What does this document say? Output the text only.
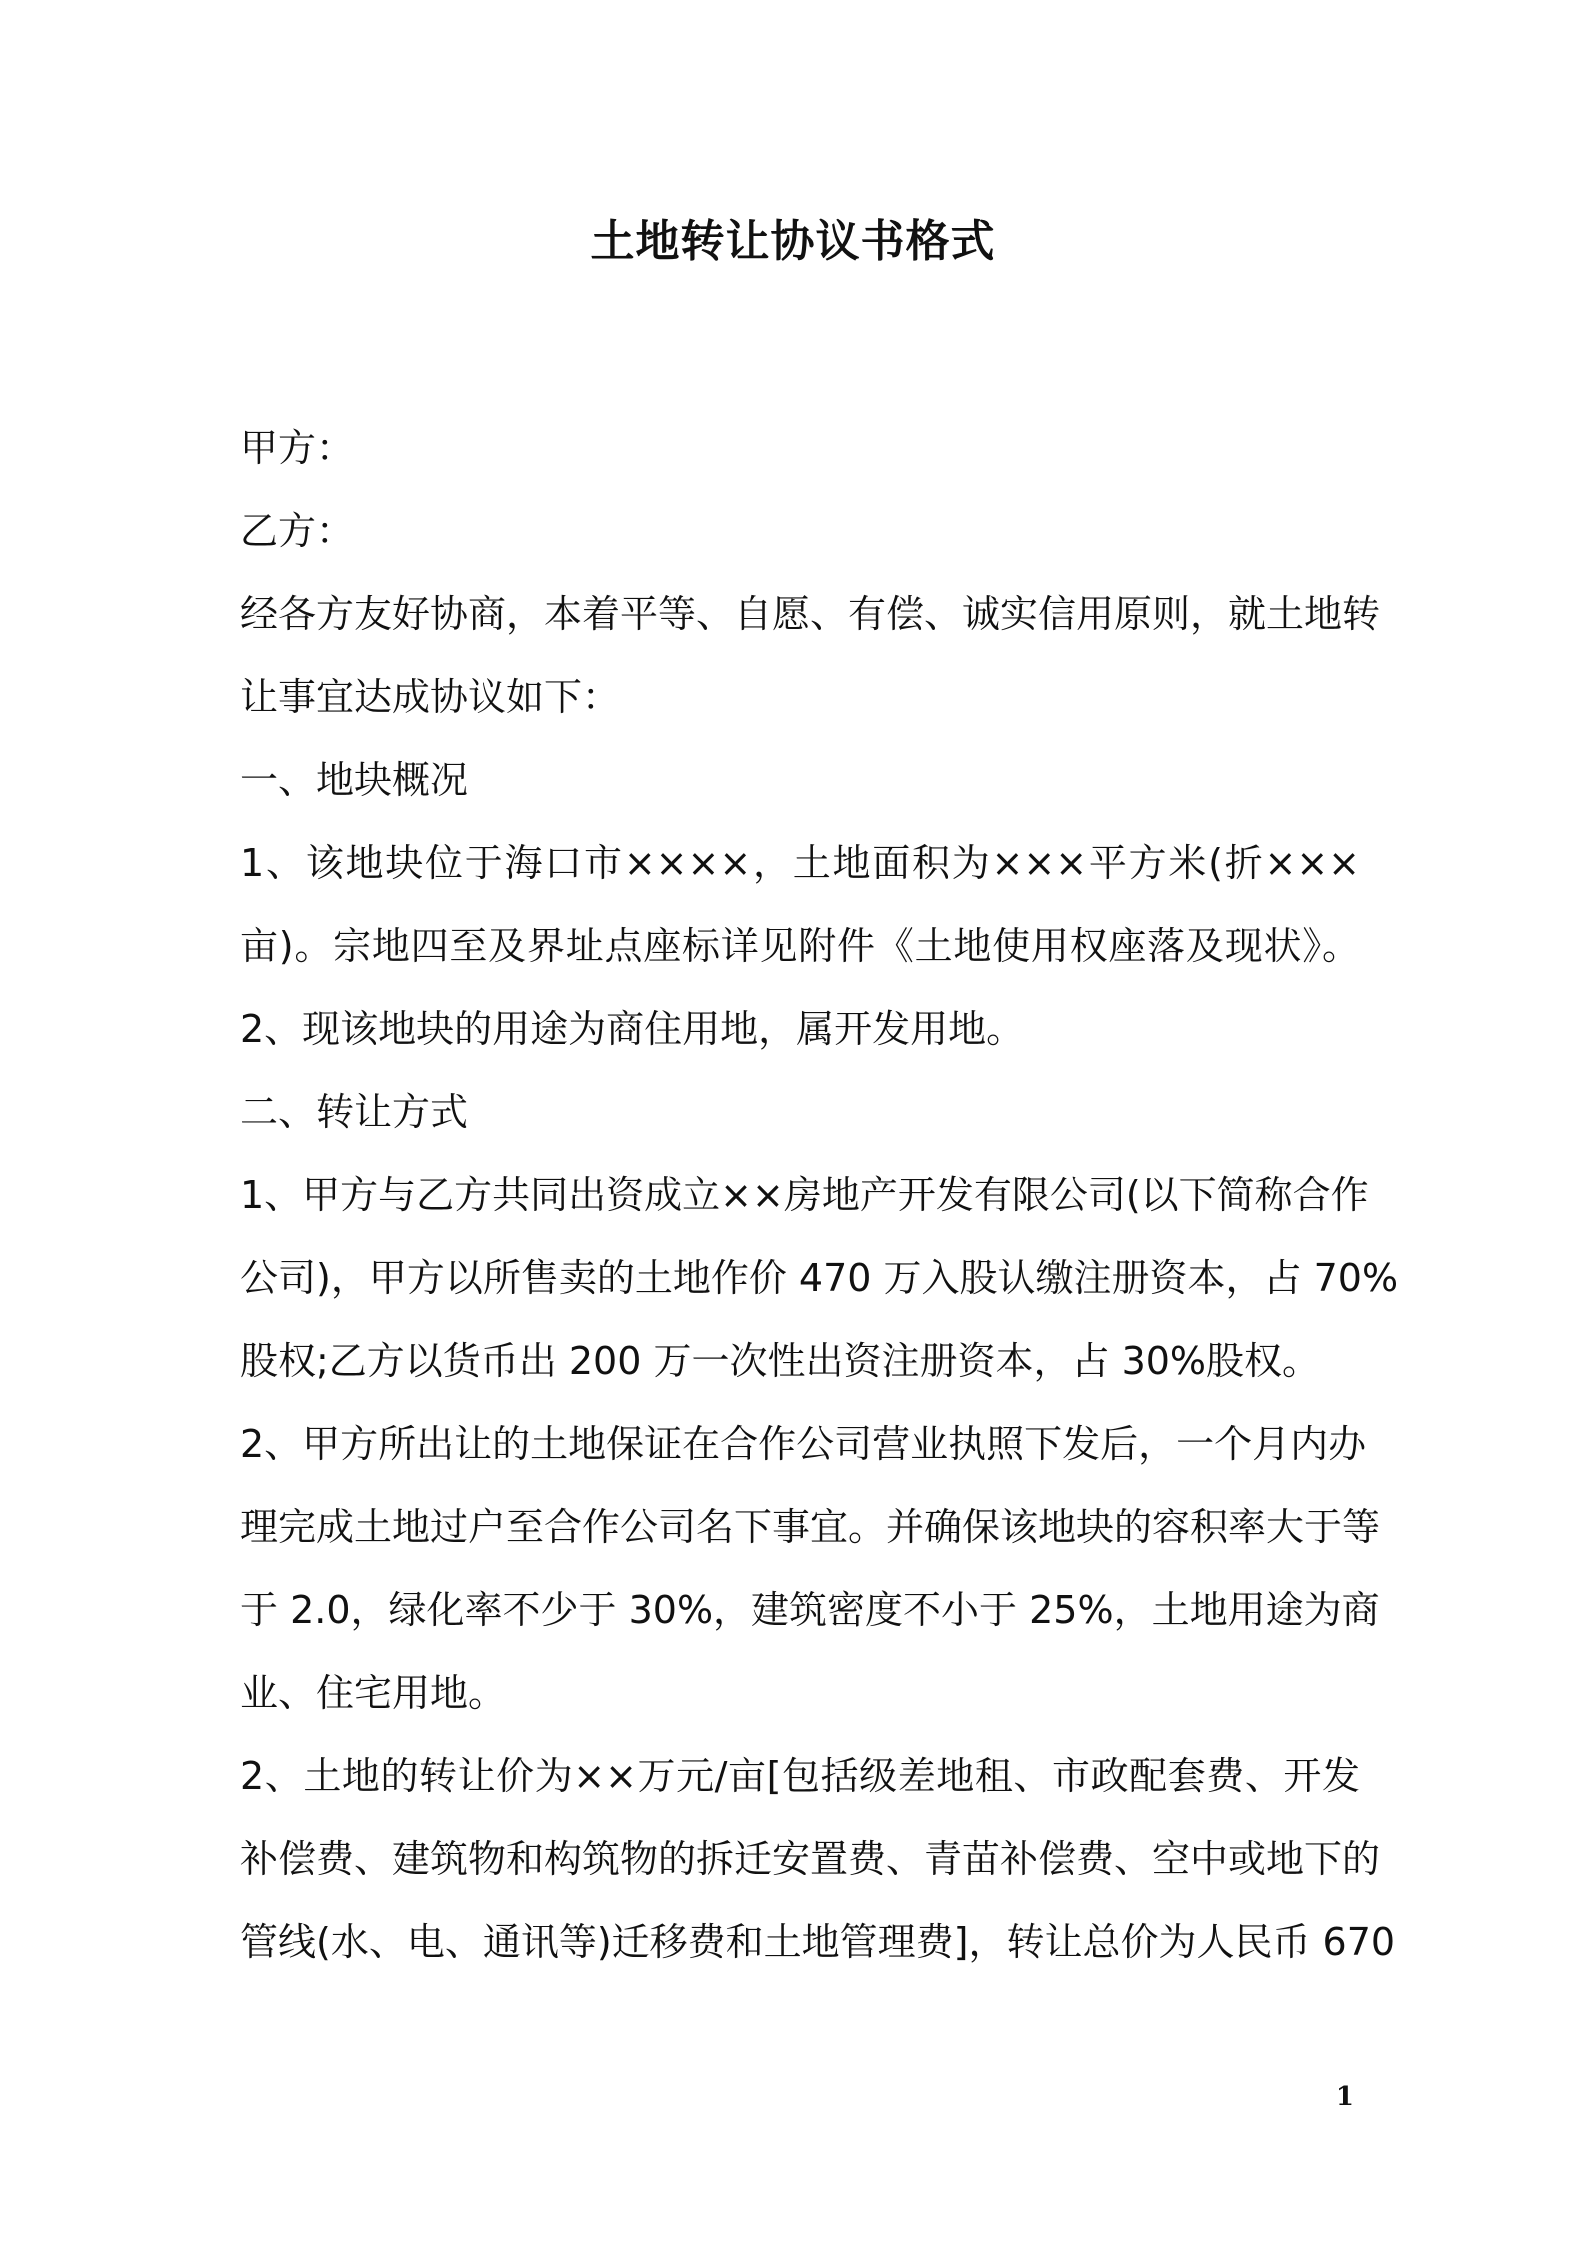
土地转让协议书格式
甲方：
乙方：
经各方友好协商，本着平等、自愿、有偿、诚实信用原则，就土地转
让事宜达成协议如下：
一、地块概况
1、该地块位于海口市××××，土地面积为×××平方米(折×××
亩)。宗地四至及界址点座标详见附件《土地使用权座落及现状》。
2、现该地块的用途为商住用地，属开发用地。
二、转让方式
1、甲方与乙方共同出资成立××房地产开发有限公司(以下简称合作
公司)，甲方以所售卖的土地作价 470 万入股认缴注册资本，占 70%
股权;乙方以货币出 200 万一次性出资注册资本，占 30%股权。
2、甲方所出让的土地保证在合作公司营业执照下发后，一个月内办
理完成土地过户至合作公司名下事宜。并确保该地块的容积率大于等
于 2.0，绿化率不少于 30%，建筑密度不小于 25%，土地用途为商
业、住宅用地。
2、土地的转让价为××万元/亩[包括级差地租、市政配套费、开发
补偿费、建筑物和构筑物的拆迁安置费、青苗补偿费、空中或地下的
管线(水、电、通讯等)迁移费和土地管理费]，转让总价为人民币 670
1
